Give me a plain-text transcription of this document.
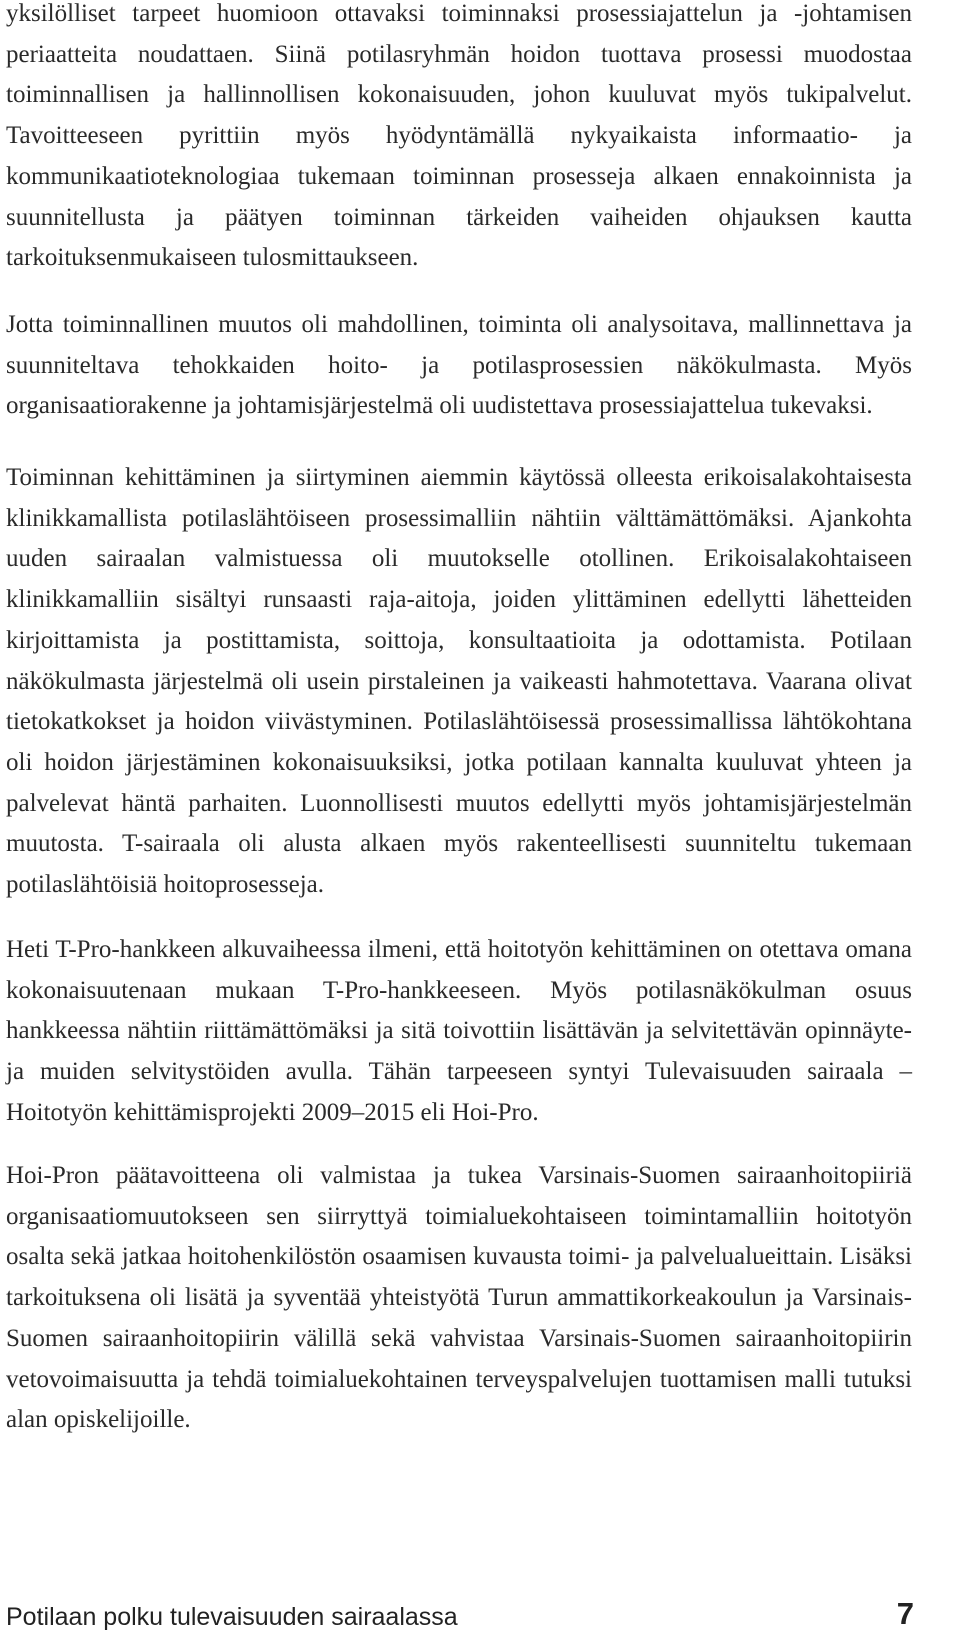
yksilölliset tarpeet huomioon ottavaksi toiminnaksi prosessiajattelun ja -johtamisen periaatteita noudattaen. Siinä potilasryhmän hoidon tuottava prosessi muodostaa toiminnallisen ja hallinnollisen kokonaisuuden, johon kuuluvat myös tukipalvelut. Tavoitteeseen pyrittiin myös hyödyntämällä nykyaikaista informaatio- ja kommunikaatioteknologiaa tukemaan toiminnan prosesseja alkaen ennakoinnista ja suunnitellusta ja päätyen toiminnan tärkeiden vaiheiden ohjauksen kautta tarkoituksenmukaiseen tulosmittaukseen.

Jotta toiminnallinen muutos oli mahdollinen, toiminta oli analysoitava, mallinnettava ja suunniteltava tehokkaiden hoito- ja potilasprosessien näkökulmasta. Myös organisaatiorakenne ja johtamisjärjestelmä oli uudistettava prosessiajattelua tukevaksi.

Toiminnan kehittäminen ja siirtyminen aiemmin käytössä olleesta erikoisalakohtaisesta klinikkamallista potilaslähtöiseen prosessimalliin nähtiin välttämättömäksi. Ajankohta uuden sairaalan valmistuessa oli muutokselle otollinen. Erikoisalakohtaiseen klinikkamalliin sisältyi runsaasti raja-aitoja, joiden ylittäminen edellytti lähetteiden kirjoittamista ja postittamista, soittoja, konsultaatioita ja odottamista. Potilaan näkökulmasta järjestelmä oli usein pirstaleinen ja vaikeasti hahmotettava. Vaarana olivat tietokatkokset ja hoidon viivästyminen. Potilaslähtöisessä prosessimallissa lähtökohtana oli hoidon järjestäminen kokonaisuuksiksi, jotka potilaan kannalta kuuluvat yhteen ja palvelevat häntä parhaiten. Luonnollisesti muutos edellytti myös johtamisjärjestelmän muutosta. T-sairaala oli alusta alkaen myös rakenteellisesti suunniteltu tukemaan potilaslähtöisiä hoitoprosesseja.

Heti T-Pro-hankkeen alkuvaiheessa ilmeni, että hoitotyön kehittäminen on otettava omana kokonaisuutenaan mukaan T-Pro-hankkeeseen. Myös potilasnäkökulman osuus hankkeessa nähtiin riittämättömäksi ja sitä toivottiin lisättävän ja selvitettävän opinnäyte- ja muiden selvitystöiden avulla. Tähän tarpeeseen syntyi Tulevaisuuden sairaala – Hoitotyön kehittämisprojekti 2009–2015 eli Hoi-Pro.

Hoi-Pron päätavoitteena oli valmistaa ja tukea Varsinais-Suomen sairaanhoitopiiriä organisaatiomuutokseen sen siirryttyä toimialuekohtaiseen toimintamalliin hoitotyön osalta sekä jatkaa hoitohenkilöstön osaamisen kuvausta toimi- ja palvelualueittain. Lisäksi tarkoituksena oli lisätä ja syventää yhteistyötä Turun ammattikorkeakoulun ja Varsinais-Suomen sairaanhoitopiirin välillä sekä vahvistaa Varsinais-Suomen sairaanhoitopiirin vetovoimaisuutta ja tehdä toimialuekohtainen terveyspalvelujen tuottamisen malli tutuksi alan opiskelijoille.

Potilaan polku tulevaisuuden sairaalassa	7
